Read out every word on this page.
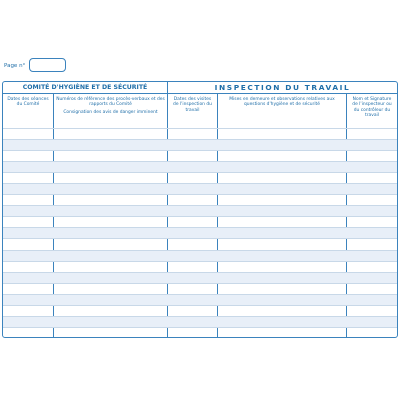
Page n°
COMITÉ D'HYGIÈNE ET DE SÉCURITÉ	INSPECTION DU TRAVAIL
Dates des séances du Comité
Numéros de référence des procès-verbaux et des rapports du Comité
Consignation des avis de danger imminent
Dates des visites de l'inspection du travail
Mises en demeure et observations relatives aux questions d'hygiène et de sécurité
Nom et Signature de l'inspecteur ou du contrôleur du travail
